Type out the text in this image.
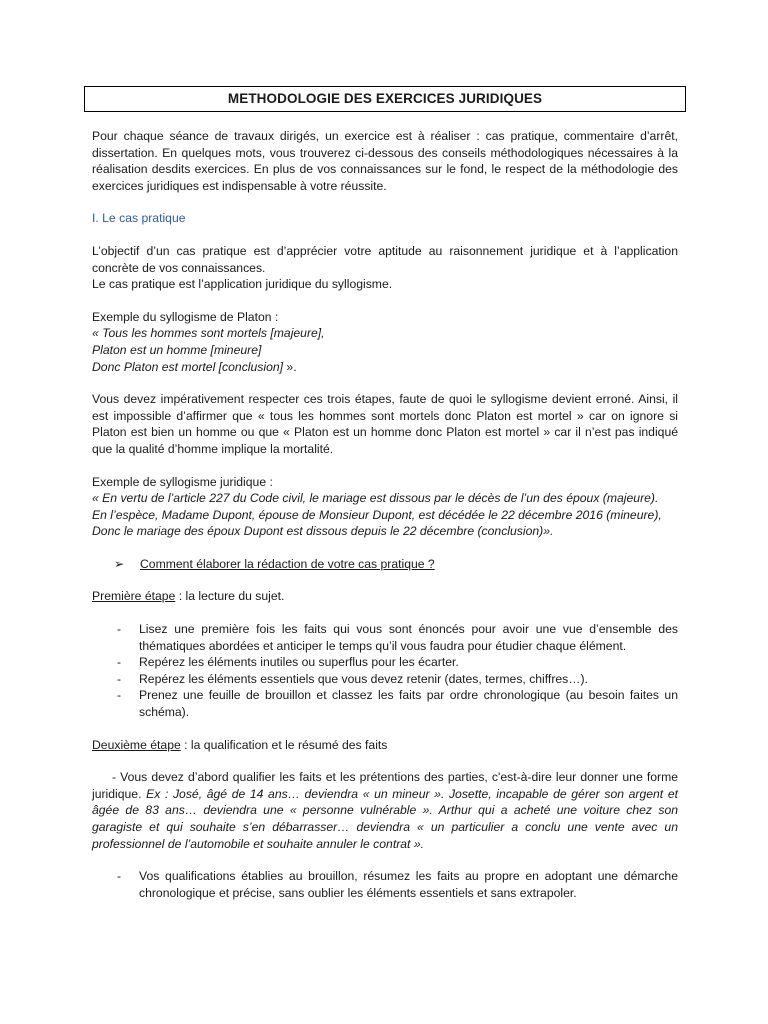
METHODOLOGIE DES EXERCICES JURIDIQUES

Pour chaque séance de travaux dirigés, un exercice est à réaliser : cas pratique, commentaire d’arrêt, dissertation. En quelques mots, vous trouverez ci-dessous des conseils méthodologiques nécessaires à la réalisation desdits exercices. En plus de vos connaissances sur le fond, le respect de la méthodologie des exercices juridiques est indispensable à votre réussite.

I. Le cas pratique

L’objectif d’un cas pratique est d’apprécier votre aptitude au raisonnement juridique et à l’application concrète de vos connaissances.

Le cas pratique est l’application juridique du syllogisme.

Exemple du syllogisme de Platon :

« Tous les hommes sont mortels [majeure],

Platon est un homme [mineure]

Donc Platon est mortel [conclusion] ».

Vous devez impérativement respecter ces trois étapes, faute de quoi le syllogisme devient erroné. Ainsi, il est impossible d’affirmer que « tous les hommes sont mortels donc Platon est mortel » car on ignore si Platon est bien un homme ou que « Platon est un homme donc Platon est mortel » car il n’est pas indiqué que la qualité d’homme implique la mortalité.

Exemple de syllogisme juridique :

« En vertu de l’article 227 du Code civil, le mariage est dissous par le décès de l’un des époux (majeure).

En l’espèce, Madame Dupont, épouse de Monsieur Dupont, est décédée le 22 décembre 2016 (mineure),

Donc le mariage des époux Dupont est dissous depuis le 22 décembre (conclusion)».

➢ Comment élaborer la rédaction de votre cas pratique ?

Première étape : la lecture du sujet.

- Lisez une première fois les faits qui vous sont énoncés pour avoir une vue d’ensemble des thématiques abordées et anticiper le temps qu’il vous faudra pour étudier chaque élément.
- Repérez les éléments inutiles ou superflus pour les écarter.
- Repérez les éléments essentiels que vous devez retenir (dates, termes, chiffres…).
- Prenez une feuille de brouillon et classez les faits par ordre chronologique (au besoin faites un schéma).

Deuxième étape : la qualification et le résumé des faits

- Vous devez d’abord qualifier les faits et les prétentions des parties, c'est-à-dire leur donner une forme juridique. Ex : José, âgé de 14 ans… deviendra « un mineur ». Josette, incapable de gérer son argent et âgée de 83 ans… deviendra une « personne vulnérable ». Arthur qui a acheté une voiture chez son garagiste et qui souhaite s’en débarrasser… deviendra « un particulier a conclu une vente avec un professionnel de l’automobile et souhaite annuler le contrat ».

- Vos qualifications établies au brouillon, résumez les faits au propre en adoptant une démarche chronologique et précise, sans oublier les éléments essentiels et sans extrapoler.
